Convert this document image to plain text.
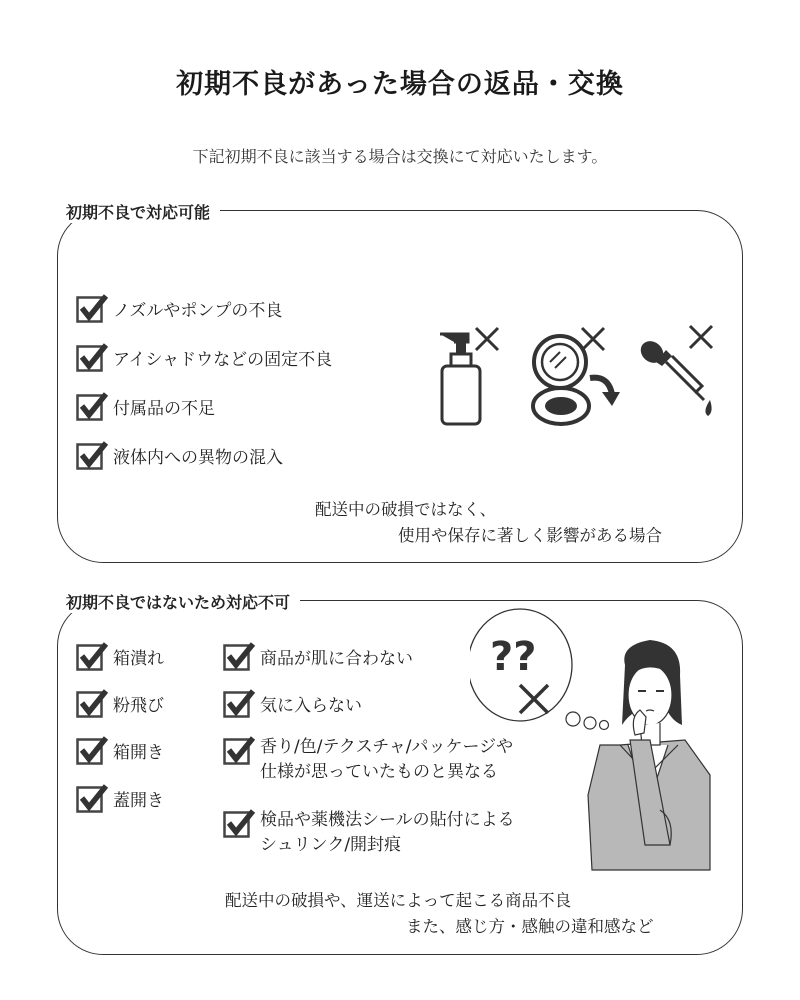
初期不良があった場合の返品・交換
下記初期不良に該当する場合は交換にて対応いたします。
初期不良で対応可能
ノズルやポンプの不良
アイシャドウなどの固定不良
付属品の不足
液体内への異物の混入
配送中の破損ではなく、
使用や保存に著しく影響がある場合
初期不良ではないため対応不可
箱潰れ
粉飛び
箱開き
蓋開き
商品が肌に合わない
気に入らない
香り/色/テクスチャ/パッケージや
仕様が思っていたものと異なる
検品や薬機法シールの貼付による
シュリンク/開封痕
??
配送中の破損や、運送によって起こる商品不良
また、感じ方・感触の違和感など
